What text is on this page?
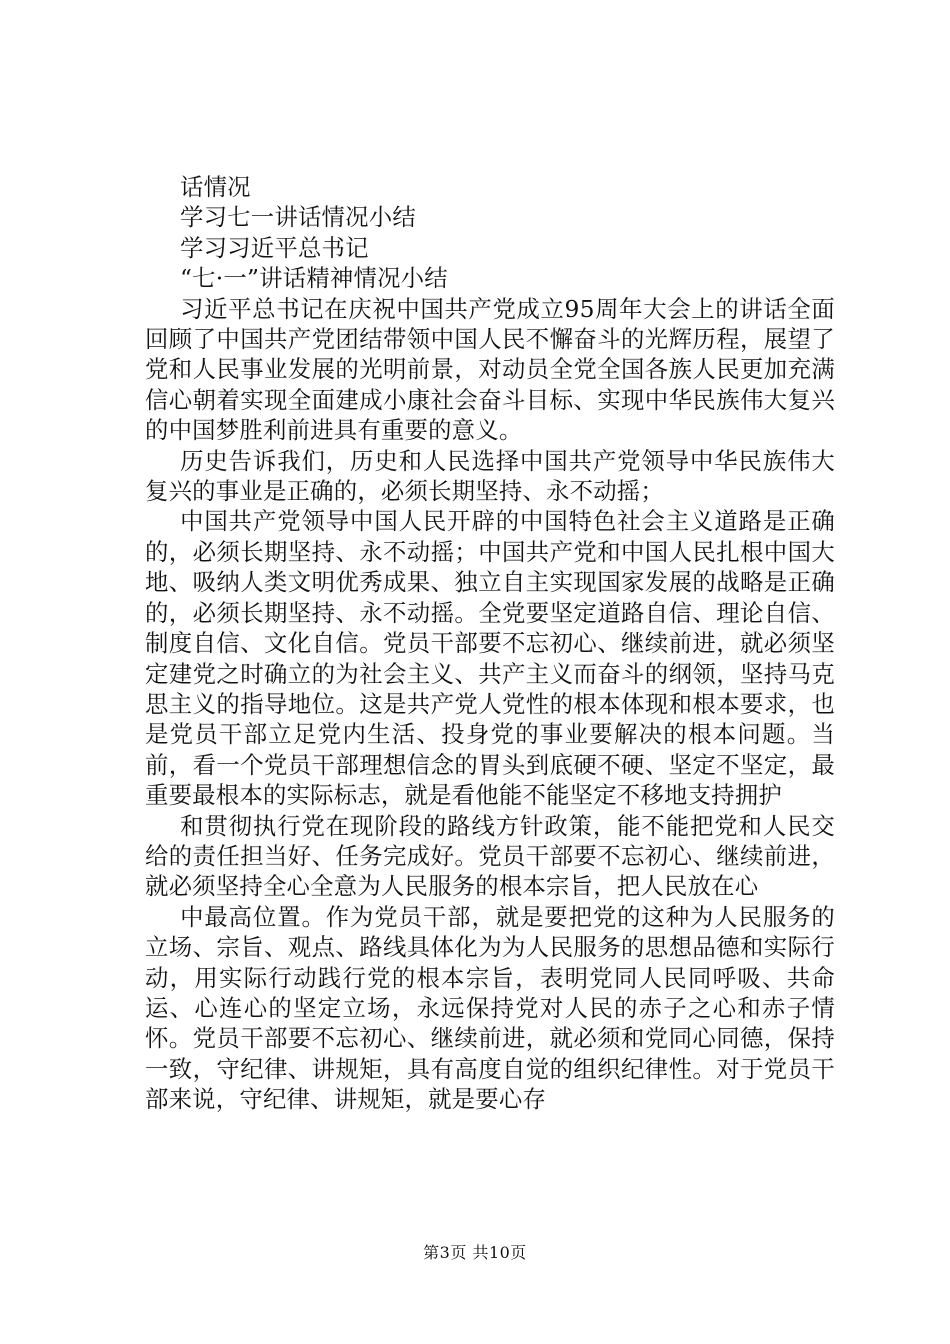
话情况

学习七一讲话情况小结

学习习近平总书记

“七·一”讲话精神情况小结

习近平总书记在庆祝中国共产党成立95周年大会上的讲话全面回顾了中国共产党团结带领中国人民不懈奋斗的光辉历程，展望了党和人民事业发展的光明前景，对动员全党全国各族人民更加充满信心朝着实现全面建成小康社会奋斗目标、实现中华民族伟大复兴的中国梦胜利前进具有重要的意义。

历史告诉我们，历史和人民选择中国共产党领导中华民族伟大复兴的事业是正确的，必须长期坚持、永不动摇；

中国共产党领导中国人民开辟的中国特色社会主义道路是正确的，必须长期坚持、永不动摇；中国共产党和中国人民扎根中国大地、吸纳人类文明优秀成果、独立自主实现国家发展的战略是正确的，必须长期坚持、永不动摇。全党要坚定道路自信、理论自信、制度自信、文化自信。党员干部要不忘初心、继续前进，就必须坚定建党之时确立的为社会主义、共产主义而奋斗的纲领，坚持马克思主义的指导地位。这是共产党人党性的根本体现和根本要求，也是党员干部立足党内生活、投身党的事业要解决的根本问题。当前，看一个党员干部理想信念的胃头到底硬不硬、坚定不坚定，最重要最根本的实际标志，就是看他能不能坚定不移地支持拥护

和贯彻执行党在现阶段的路线方针政策，能不能把党和人民交给的责任担当好、任务完成好。党员干部要不忘初心、继续前进，就必须坚持全心全意为人民服务的根本宗旨，把人民放在心

中最高位置。作为党员干部，就是要把党的这种为人民服务的立场、宗旨、观点、路线具体化为为人民服务的思想品德和实际行动，用实际行动践行党的根本宗旨，表明党同人民同呼吸、共命运、心连心的坚定立场，永远保持党对人民的赤子之心和赤子情怀。党员干部要不忘初心、继续前进，就必须和党同心同德，保持一致，守纪律、讲规矩，具有高度自觉的组织纪律性。对于党员干部来说，守纪律、讲规矩，就是要心存

第3页 共10页
